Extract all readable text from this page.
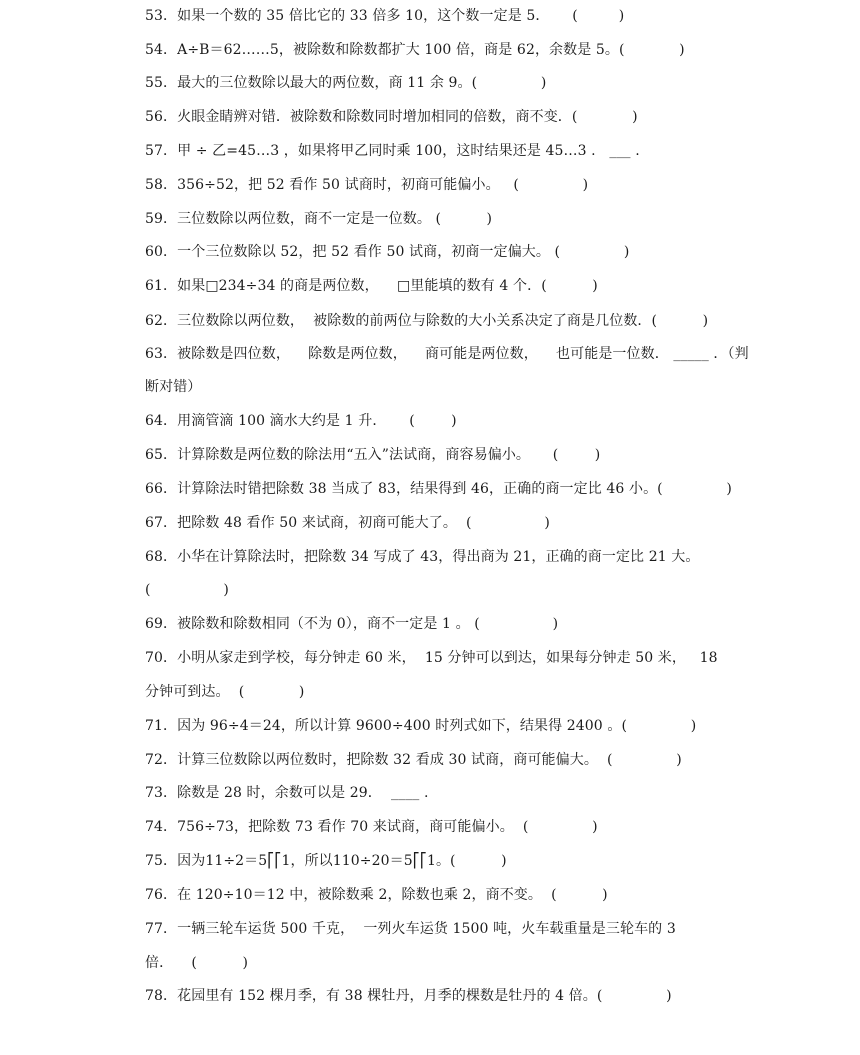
53．如果一个数的 35 倍比它的 33 倍多 10，这个数一定是 5．     (         )
54．A÷B＝62……5，被除数和除数都扩大 100 倍，商是 62，余数是 5。(            )
55．最大的三位数除以最大的两位数，商 11 余 9。(              )
56．火眼金睛辨对错．被除数和除数同时增加相同的倍数，商不变．(            )
57．甲 ÷ 乙=45…3 ，如果将甲乙同时乘 100，这时结果还是 45…3 .   ___ .
58．356÷52，把 52 看作 50 试商时，初商可能偏小。   (              )
59．三位数除以两位数，商不一定是一位数。 (          )
60．一个三位数除以 52，把 52 看作 50 试商，初商一定偏大。 (              )
61．如果□234÷34 的商是两位数，    □里能填的数有 4 个．(          )
62．三位数除以两位数，  被除数的前两位与除数的大小关系决定了商是几位数．(          )
63．被除数是四位数，    除数是两位数，    商可能是两位数，    也可能是一位数． _____ ．（判
断对错）
64．用滴管滴 100 滴水大约是 1 升．     (        )
65．计算除数是两位数的除法用“五入”法试商，商容易偏小。     (        )
66．计算除法时错把除数 38 当成了 83，结果得到 46，正确的商一定比 46 小。(              )
67．把除数 48 看作 50 来试商，初商可能大了。  (                )
68．小华在计算除法时，把除数 34 写成了 43，得出商为 21，正确的商一定比 21 大。
(                )
69．被除数和除数相同（不为 0），商不一定是 1 。 (                )
70．小明从家走到学校，每分钟走 60 米，  15 分钟可以到达，如果每分钟走 50 米，   18
分钟可到达。  (            )
71．因为 96÷4＝24，所以计算 9600÷400 时列式如下，结果得 2400 。(              )
72．计算三位数除以两位数时，把除数 32 看成 30 试商，商可能偏大。  (              )
73．除数是 28 时，余数可以是 29．  ____ .
74．756÷73，把除数 73 看作 70 来试商，商可能偏小。  (              )
75．因为11÷2＝5⎡⎡1，所以110÷20＝5⎡⎡1。(          )
76．在 120÷10＝12 中，被除数乘 2，除数也乘 2，商不变。  (          )
77．一辆三轮车运货 500 千克，  一列火车运货 1500 吨，火车载重量是三轮车的 3
倍．    (          )
78．花园里有 152 棵月季，有 38 棵牡丹，月季的棵数是牡丹的 4 倍。(              )
